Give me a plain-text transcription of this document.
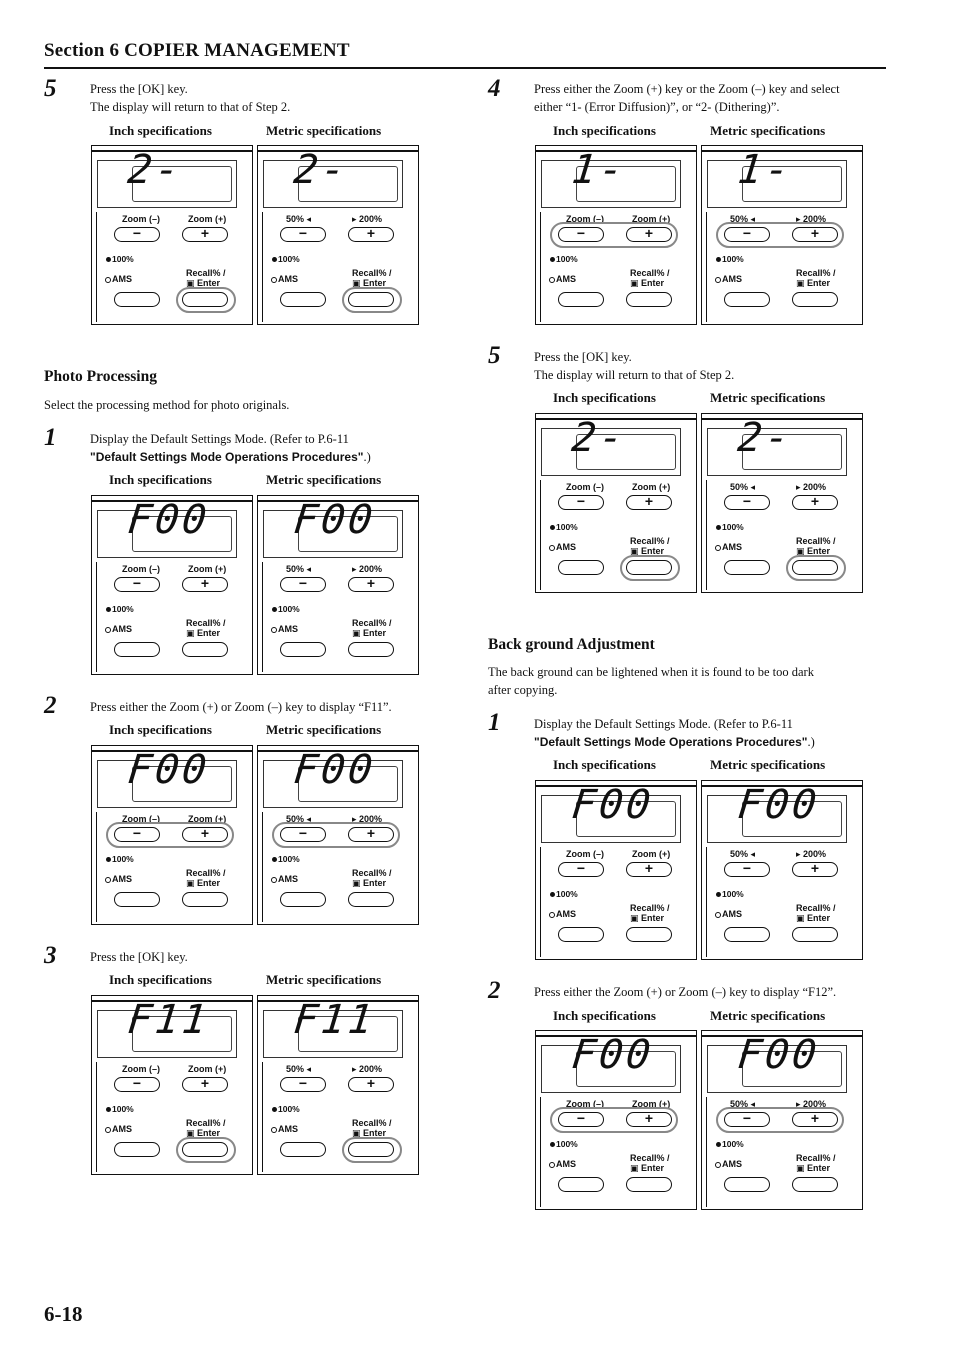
Section 6 COPIER MANAGEMENT
5	Press the [OK] key.
The display will return to that of Step 2.
Inch specifications	Metric specifications
2-
Zoom (–)	Zoom (+)
−	+
100%
AMS
Recall% /
▣ Enter
2-
50% ◂	▸ 200%
−	+
100%
AMS
Recall% /
▣ Enter
Photo Processing
Select the processing method for photo originals.
1	Display the Default Settings Mode. (Refer to P.6-11
"Default Settings Mode Operations Procedures".)
Inch specifications	Metric specifications
F00
Zoom (–)	Zoom (+)
−	+
100%
AMS
Recall% /
▣ Enter
F00
50% ◂	▸ 200%
−	+
100%
AMS
Recall% /
▣ Enter
2	Press either the Zoom (+) or Zoom (–) key to display “F11”.
Inch specifications	Metric specifications
F00
Zoom (–)	Zoom (+)
−	+
100%
AMS
Recall% /
▣ Enter
F00
50% ◂	▸ 200%
−	+
100%
AMS
Recall% /
▣ Enter
3	Press the [OK] key.
Inch specifications	Metric specifications
F11
Zoom (–)	Zoom (+)
−	+
100%
AMS
Recall% /
▣ Enter
F11
50% ◂	▸ 200%
−	+
100%
AMS
Recall% /
▣ Enter
4	Press either the Zoom (+) key or the Zoom (–) key and select
either “1- (Error Diffusion)”, or “2- (Dithering)”.
Inch specifications	Metric specifications
1-
Zoom (–)	Zoom (+)
−	+
100%
AMS
Recall% /
▣ Enter
1-
50% ◂	▸ 200%
−	+
100%
AMS
Recall% /
▣ Enter
5	Press the [OK] key.
The display will return to that of Step 2.
Inch specifications	Metric specifications
2-
Zoom (–)	Zoom (+)
−	+
100%
AMS
Recall% /
▣ Enter
2-
50% ◂	▸ 200%
−	+
100%
AMS
Recall% /
▣ Enter
Back ground Adjustment
The back ground can be lightened when it is found to be too dark
after copying.
1	Display the Default Settings Mode. (Refer to P.6-11
"Default Settings Mode Operations Procedures".)
Inch specifications	Metric specifications
F00
Zoom (–)	Zoom (+)
−	+
100%
AMS
Recall% /
▣ Enter
F00
50% ◂	▸ 200%
−	+
100%
AMS
Recall% /
▣ Enter
2	Press either the Zoom (+) or Zoom (–) key to display “F12”.
Inch specifications	Metric specifications
F00
Zoom (–)	Zoom (+)
−	+
100%
AMS
Recall% /
▣ Enter
F00
50% ◂	▸ 200%
−	+
100%
AMS
Recall% /
▣ Enter
6-18
